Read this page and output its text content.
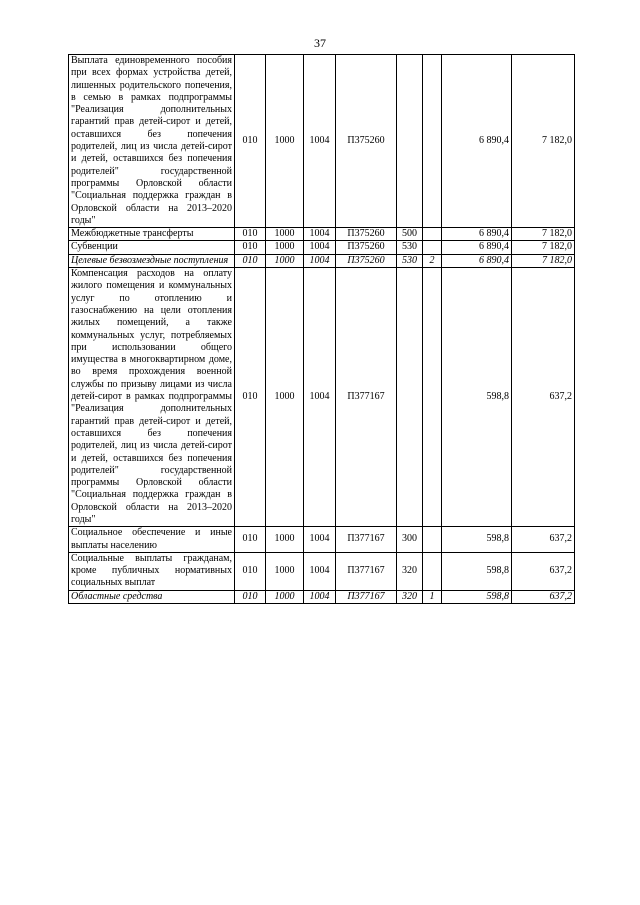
37
Выплата единовременного пособия при всех формах устройства детей, лишенных родительского попечения, в семью в рамках подпрограммы "Реализация дополнительных гарантий прав детей-сирот и детей, оставшихся без попечения родителей, лиц из числа детей-сирот и детей, оставшихся без попечения родителей" государственной программы Орловской области "Социальная поддержка граждан в Орловской области на 2013–2020 годы"	010	1000	1004	П375260			6 890,4	7 182,0
Межбюджетные трансферты	010	1000	1004	П375260	500		6 890,4	7 182,0
Субвенции	010	1000	1004	П375260	530		6 890,4	7 182,0
Целевые безвозмездные поступления	010	1000	1004	П375260	530	2	6 890,4	7 182,0
Компенсация расходов на оплату жилого помещения и коммунальных услуг по отоплению и газоснабжению на цели отопления жилых помещений, а также коммунальных услуг, потребляемых при использовании общего имущества в многоквартирном доме, во время прохождения военной службы по призыву лицами из числа детей-сирот в рамках подпрограммы "Реализация дополнительных гарантий прав детей-сирот и детей, оставшихся без попечения родителей, лиц из числа детей-сирот и детей, оставшихся без попечения родителей" государственной программы Орловской области "Социальная поддержка граждан в Орловской области на 2013–2020 годы"	010	1000	1004	П377167			598,8	637,2
Социальное обеспечение и иные выплаты населению	010	1000	1004	П377167	300		598,8	637,2
Социальные выплаты гражданам, кроме публичных нормативных социальных выплат	010	1000	1004	П377167	320		598,8	637,2
Областные средства	010	1000	1004	П377167	320	1	598,8	637,2
